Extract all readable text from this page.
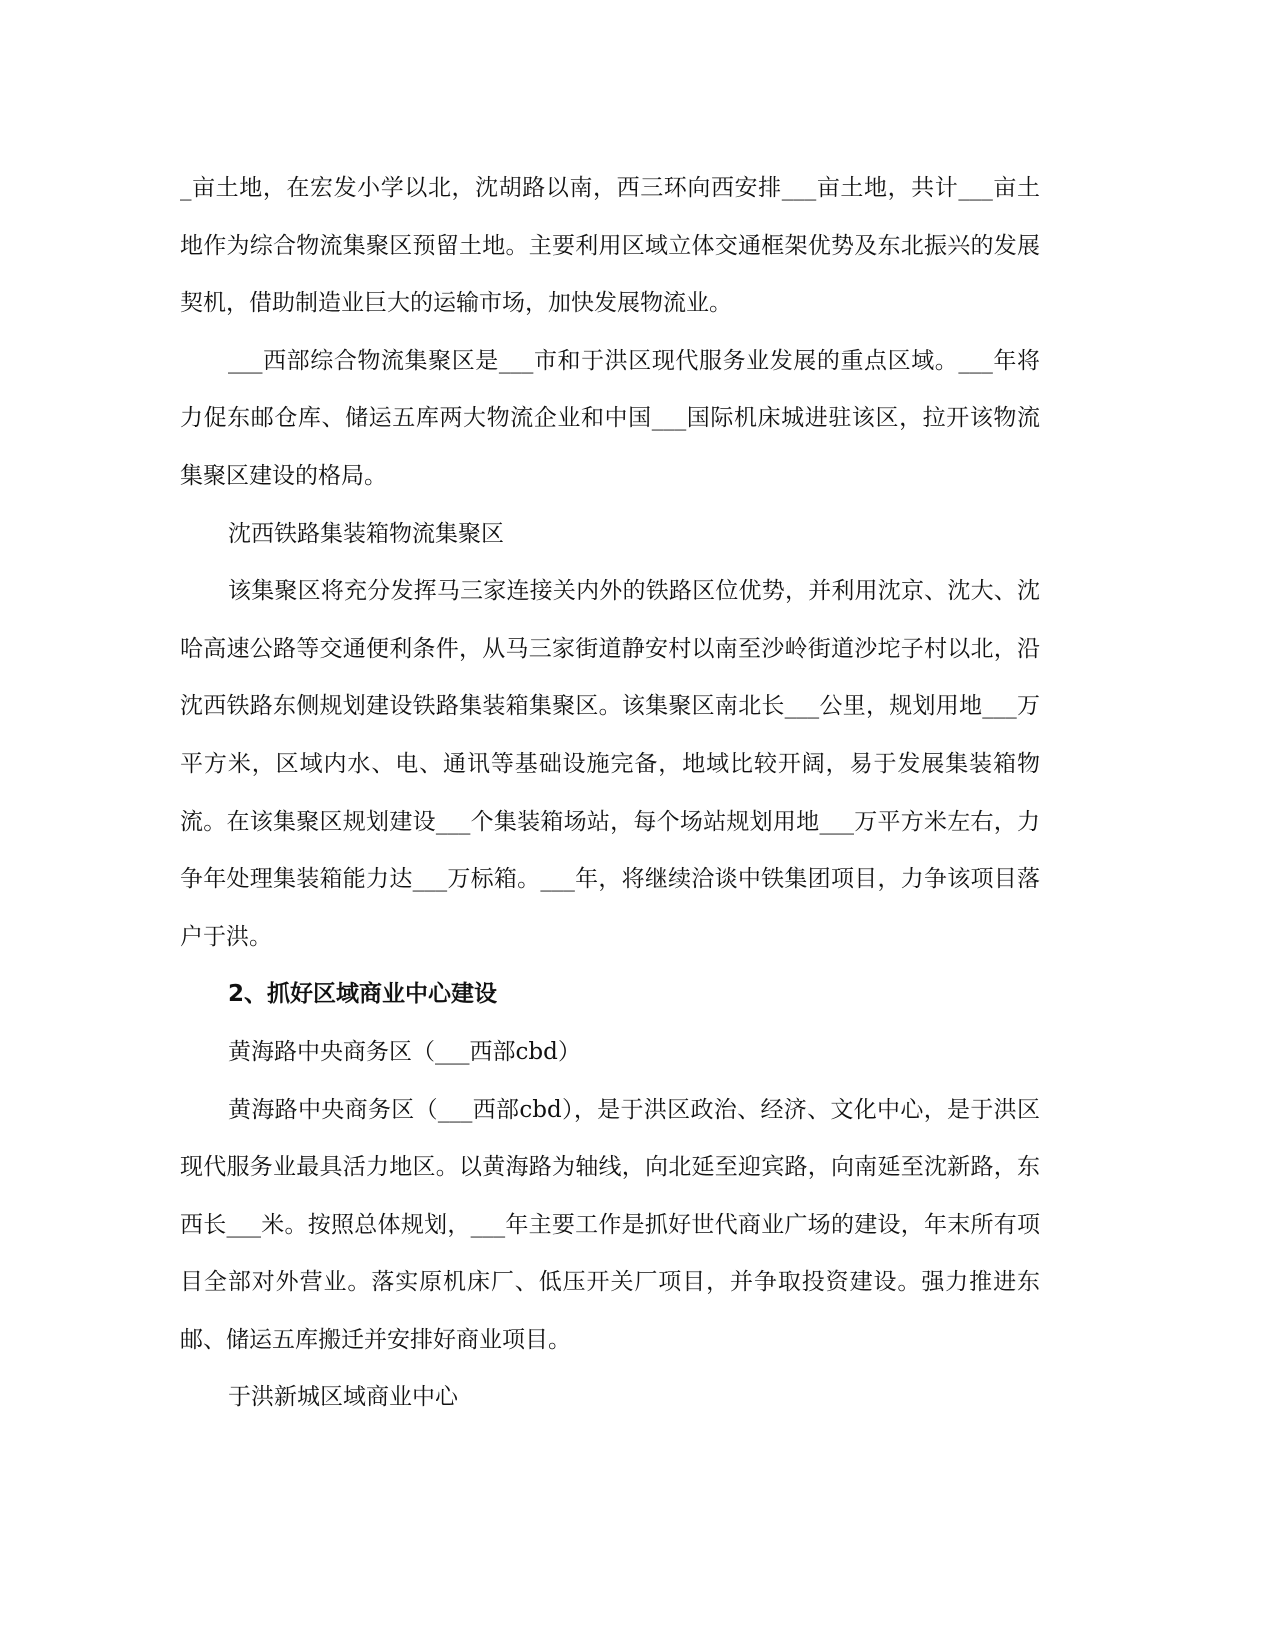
_亩土地，在宏发小学以北，沈胡路以南，西三环向西安排___亩土地，共计___亩土地作为综合物流集聚区预留土地。主要利用区域立体交通框架优势及东北振兴的发展契机，借助制造业巨大的运输市场，加快发展物流业。

___西部综合物流集聚区是___市和于洪区现代服务业发展的重点区域。___年将力促东邮仓库、储运五库两大物流企业和中国___国际机床城进驻该区，拉开该物流集聚区建设的格局。

沈西铁路集装箱物流集聚区

该集聚区将充分发挥马三家连接关内外的铁路区位优势，并利用沈京、沈大、沈哈高速公路等交通便利条件，从马三家街道静安村以南至沙岭街道沙坨子村以北，沿沈西铁路东侧规划建设铁路集装箱集聚区。该集聚区南北长___公里，规划用地___万平方米，区域内水、电、通讯等基础设施完备，地域比较开阔，易于发展集装箱物流。在该集聚区规划建设___个集装箱场站，每个场站规划用地___万平方米左右，力争年处理集装箱能力达___万标箱。___年，将继续洽谈中铁集团项目，力争该项目落户于洪。

2、抓好区域商业中心建设

黄海路中央商务区（___西部cbd）

黄海路中央商务区（___西部cbd），是于洪区政治、经济、文化中心，是于洪区现代服务业最具活力地区。以黄海路为轴线，向北延至迎宾路，向南延至沈新路，东西长___米。按照总体规划，___年主要工作是抓好世代商业广场的建设，年末所有项目全部对外营业。落实原机床厂、低压开关厂项目，并争取投资建设。强力推进东邮、储运五库搬迁并安排好商业项目。

于洪新城区域商业中心
